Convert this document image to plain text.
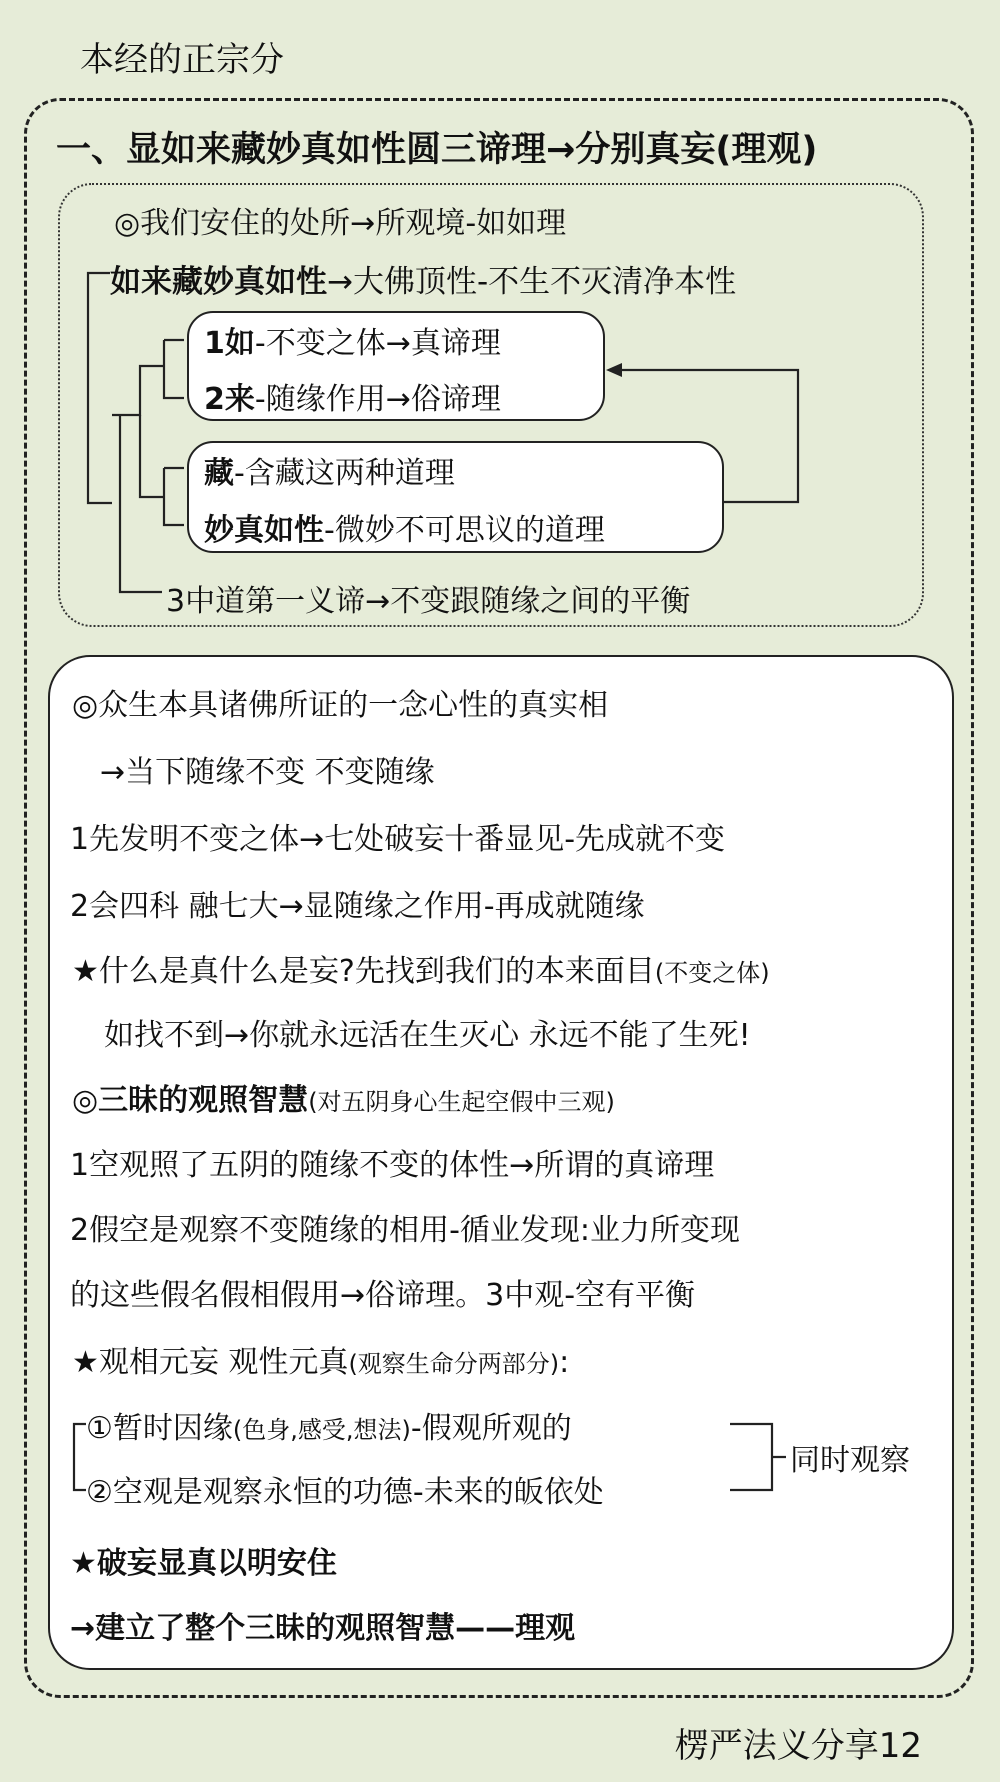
本经的正宗分
一、显如来藏妙真如性圆三谛理→分别真妄(理观)
◎我们安住的处所→所观境-如如理
如来藏妙真如性→大佛顶性-不生不灭清净本性
1如-不变之体→真谛理
2来-随缘作用→俗谛理
藏-含藏这两种道理
妙真如性-微妙不可思议的道理
3中道第一义谛→不变跟随缘之间的平衡
◎众生本具诸佛所证的一念心性的真实相
→当下随缘不变 不变随缘
1先发明不变之体→七处破妄十番显见-先成就不变
2会四科 融七大→显随缘之作用-再成就随缘
★什么是真什么是妄?先找到我们的本来面目(不变之体)
如找不到→你就永远活在生灭心 永远不能了生死!
◎三昧的观照智慧(对五阴身心生起空假中三观)
1空观照了五阴的随缘不变的体性→所谓的真谛理
2假空是观察不变随缘的相用-循业发现:业力所变现
的这些假名假相假用→俗谛理。3中观-空有平衡
★观相元妄 观性元真(观察生命分两部分):
①暂时因缘(色身,感受,想法)-假观所观的
②空观是观察永恒的功德-未来的皈依处
同时观察
★破妄显真以明安住
→建立了整个三昧的观照智慧——理观
楞严法义分享12
